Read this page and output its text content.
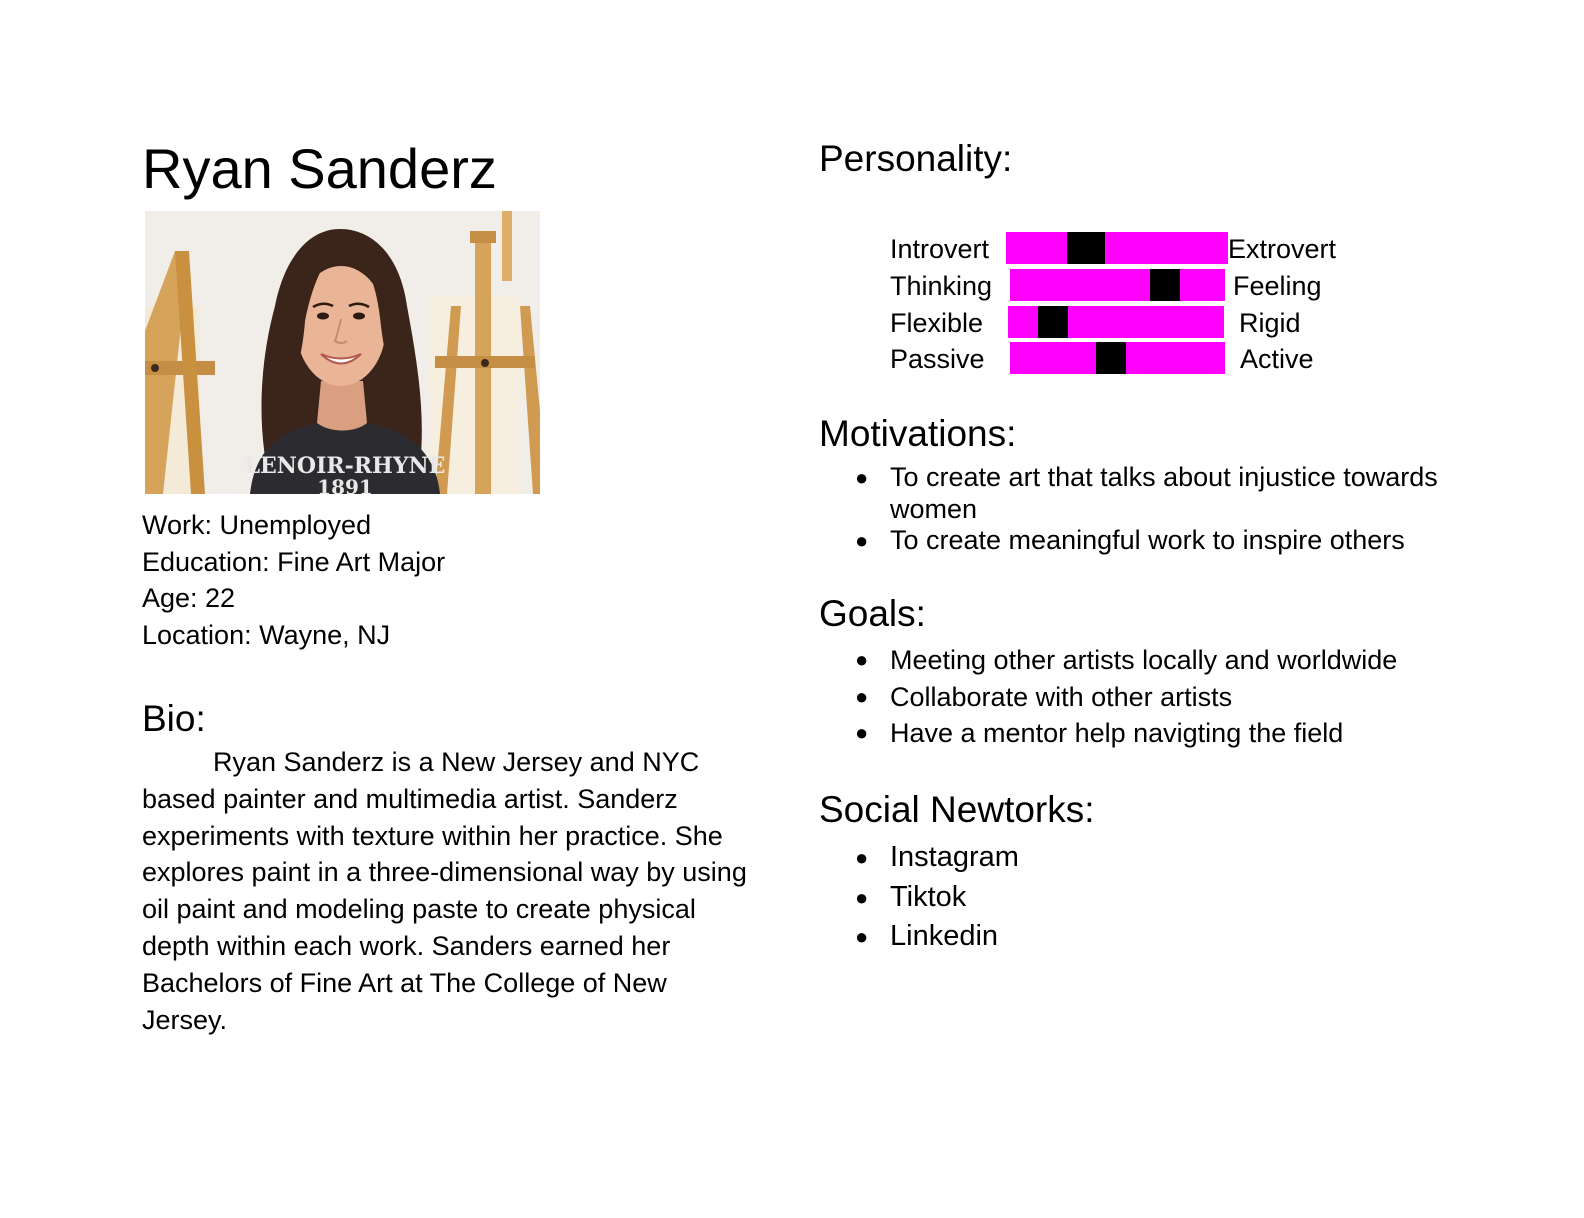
Ryan Sanderz
LENOIR-RHYNE
1891
Work: Unemployed
Education: Fine Art Major
Age: 22
Location: Wayne, NJ
Bio:

Ryan Sanderz is a New Jersey and NYC based painter and multimedia artist. Sanderz experiments with texture within her practice. She explores paint in a three-dimensional way by using oil paint and modeling paste to create physical depth within each work. Sanders earned her Bachelors of Fine Art at The College of New Jersey.

Personality:
Introvert	Extrovert
Thinking	Feeling
Flexible	Rigid
Passive	Active
Motivations:
● To create art that talks about injustice towards women
● To create meaningful work to inspire others
Goals:
● Meeting other artists locally and worldwide
● Collaborate with other artists
● Have a mentor help navigting the field
Social Newtorks:
● Instagram
● Tiktok
● Linkedin
